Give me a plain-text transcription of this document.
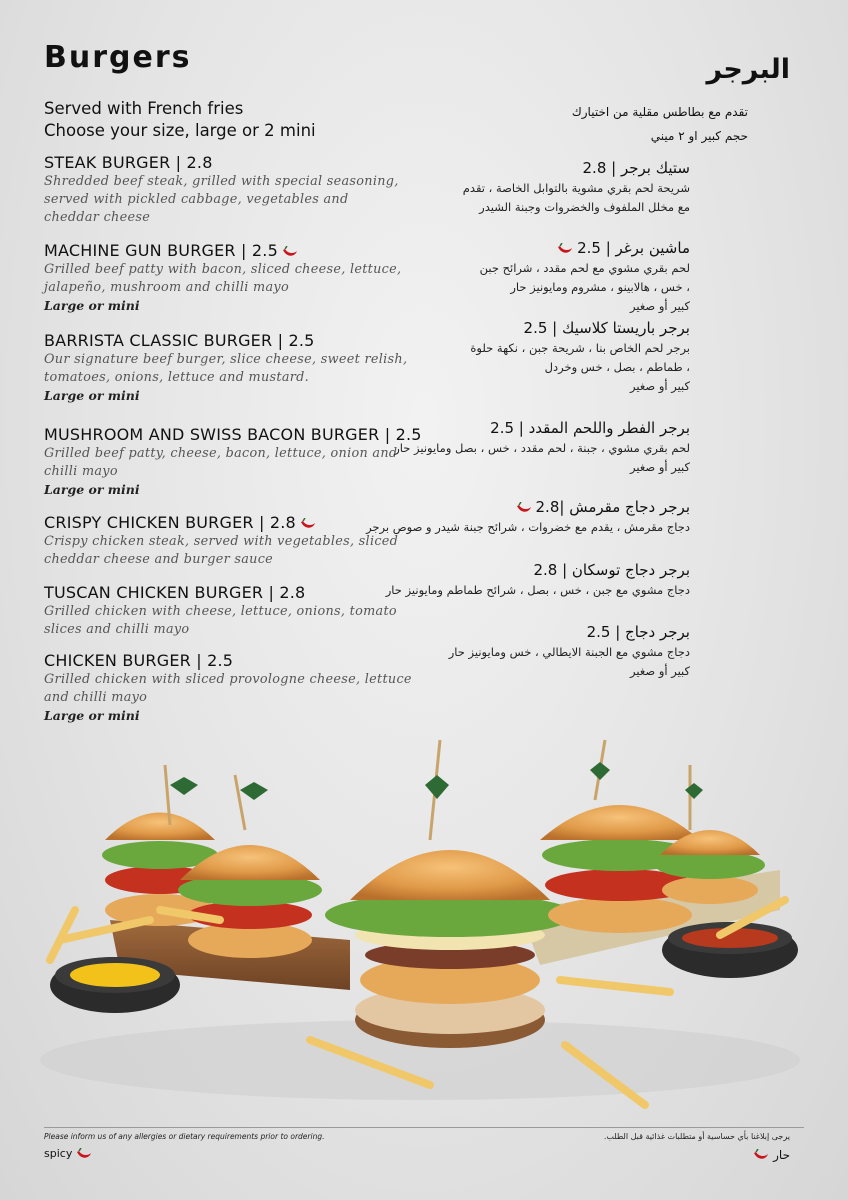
Burgers	البرجر
Served with French fries
Choose your size, large or 2 mini
تقدم مع بطاطس مقلية من اختيارك
حجم كبير او ٢ ميني
STEAK BURGER | 2.8
Shredded beef steak, grilled with special seasoning,
served with pickled cabbage, vegetables and
cheddar cheese
MACHINE GUN BURGER | 2.5
Grilled beef patty with bacon, sliced cheese, lettuce,
jalapeño, mushroom and chilli mayo
Large or mini
BARRISTA CLASSIC BURGER | 2.5
Our signature beef burger, slice cheese, sweet relish,
tomatoes, onions, lettuce and mustard.
Large or mini
MUSHROOM AND SWISS BACON BURGER | 2.5
Grilled beef patty, cheese, bacon, lettuce, onion and
chilli mayo
Large or mini
CRISPY CHICKEN BURGER | 2.8
Crispy chicken steak, served with vegetables, sliced
cheddar cheese and burger sauce
TUSCAN CHICKEN BURGER | 2.8
Grilled chicken with cheese, lettuce, onions, tomato
slices and chilli mayo
CHICKEN BURGER | 2.5
Grilled chicken with sliced provolognе cheese, lettuce
and chilli mayo
Large or mini
ستيك برجر | 2.8
شريحة لحم بقري مشوية بالتوابل الخاصة ، تقدم
مع مخلل الملفوف والخضروات وجبنة الشيدر
ماشين برغر | 2.5
لحم بقري مشوي مع لحم مقدد ، شرائح جبن
، خس ، هالابينو ، مشروم ومايونيز حار
كبير أو صغير
برجر باريستا كلاسيك | 2.5
برجر لحم الخاص بنا ، شريحة جبن ، نكهة حلوة
، طماطم ، بصل ، خس وخردل
كبير أو صغير
برجر الفطر واللحم المقدد | 2.5
لحم بقري مشوي ، جبنة ، لحم مقدد ، خس ، بصل ومايونيز حار
كبير أو صغير
برجر دجاج مقرمش |2.8
دجاج مقرمش ، يقدم مع خضروات ، شرائح جبنة شيدر و صوص برجر
برجر دجاج توسكان | 2.8
دجاج مشوي مع جبن ، خس ، بصل ، شرائح طماطم ومايونيز حار
برجر دجاج | 2.5
دجاج مشوي مع الجبنة الايطالي ، خس ومايونيز حار
كبير أو صغير
Please inform us of any allergies or dietary requirements prior to ordering.	يرجى إبلاغنا بأي حساسية أو متطلبات غذائية قبل الطلب.
spicy	حار
